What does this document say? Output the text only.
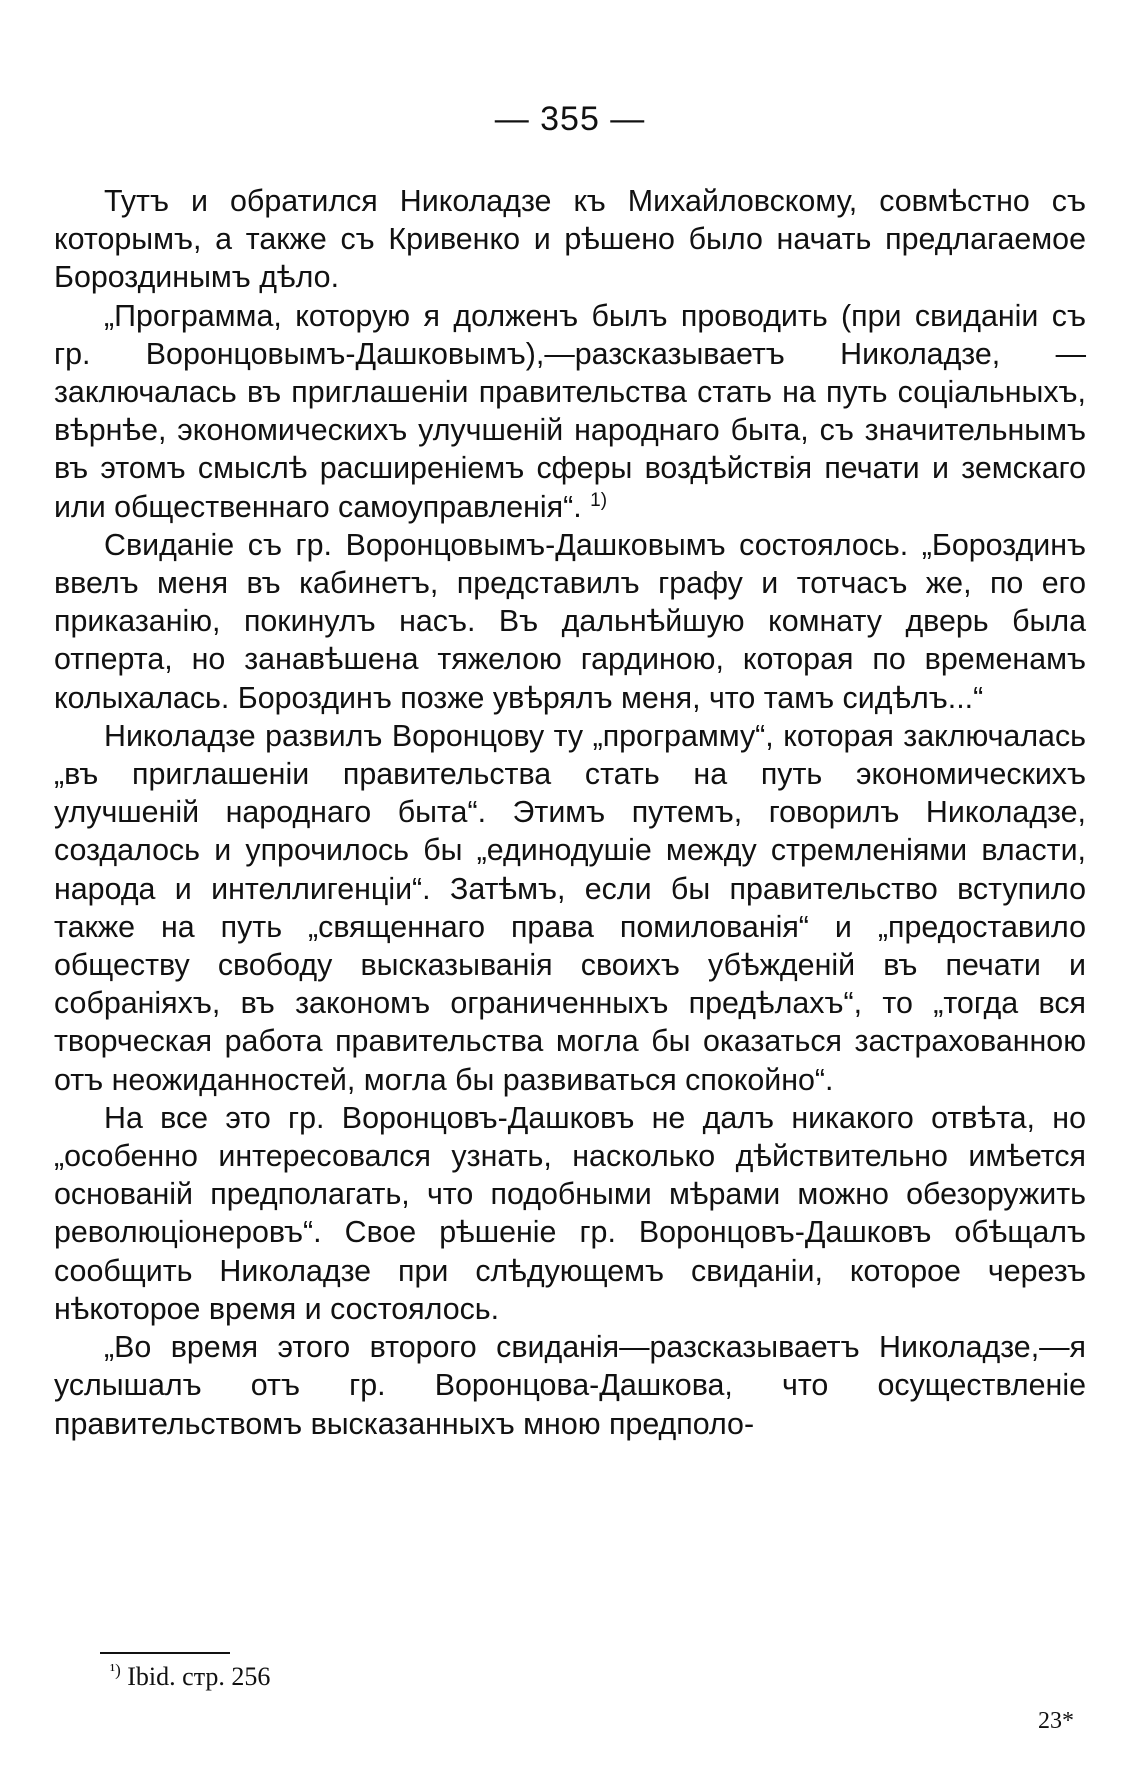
— 355 —

Тутъ и обратился Николадзе къ Михайловскому, совмѣстно съ которымъ, а также съ Кривенко и рѣшено было начать предлагаемое Бороздинымъ дѣло.

„Программа, которую я долженъ былъ проводить (при свиданіи съ гр. Воронцовымъ-Дашковымъ),—разсказываетъ Николадзе, — заключалась въ приглашеніи правительства стать на путь соціальныхъ, вѣрнѣе, экономическихъ улучшеній народнаго быта, съ значительнымъ въ этомъ смыслѣ расширеніемъ сферы воздѣйствія печати и земскаго или общественнаго самоуправленія“. $^{1)}$

Свиданіе съ гр. Воронцовымъ-Дашковымъ состоялось. „Бороздинъ ввелъ меня въ кабинетъ, представилъ графу и тотчасъ же, по его приказанію, покинулъ насъ. Въ дальнѣйшую комнату дверь была отперта, но занавѣшена тяжелою гардиною, которая по временамъ колыхалась. Бороздинъ позже увѣрялъ меня, что тамъ сидѣлъ...“

Николадзе развилъ Воронцову ту „программу“, которая заключалась „въ приглашеніи правительства стать на путь экономическихъ улучшеній народнаго быта“. Этимъ путемъ, говорилъ Николадзе, создалось и упрочилось бы „единодушіе между стремленіями власти, народа и интеллигенціи“. Затѣмъ, если бы правительство вступило также на путь „священнаго права помилованія“ и „предоставило обществу свободу высказыванія своихъ убѣжденій въ печати и собраніяхъ, въ закономъ ограниченныхъ предѣлахъ“, то „тогда вся творческая работа правительства могла бы оказаться застрахованною отъ неожиданностей, могла бы развиваться спокойно“.

На все это гр. Воронцовъ-Дашковъ не далъ никакого отвѣта, но „особенно интересовался узнать, насколько дѣйствительно имѣется основаній предполагать, что подобными мѣрами можно обезоружить революціонеровъ“. Свое рѣшеніе гр. Воронцовъ-Дашковъ обѣщалъ сообщить Николадзе при слѣдующемъ свиданіи, которое черезъ нѣкоторое время и состоялось.

„Во время этого второго свиданія—разсказываетъ Николадзе,—я услышалъ отъ гр. Воронцова-Дашкова, что осуществленіе правительствомъ высказанныхъ мною предполо-

$^{^1)}$ Ibid. стр. 256
23*
